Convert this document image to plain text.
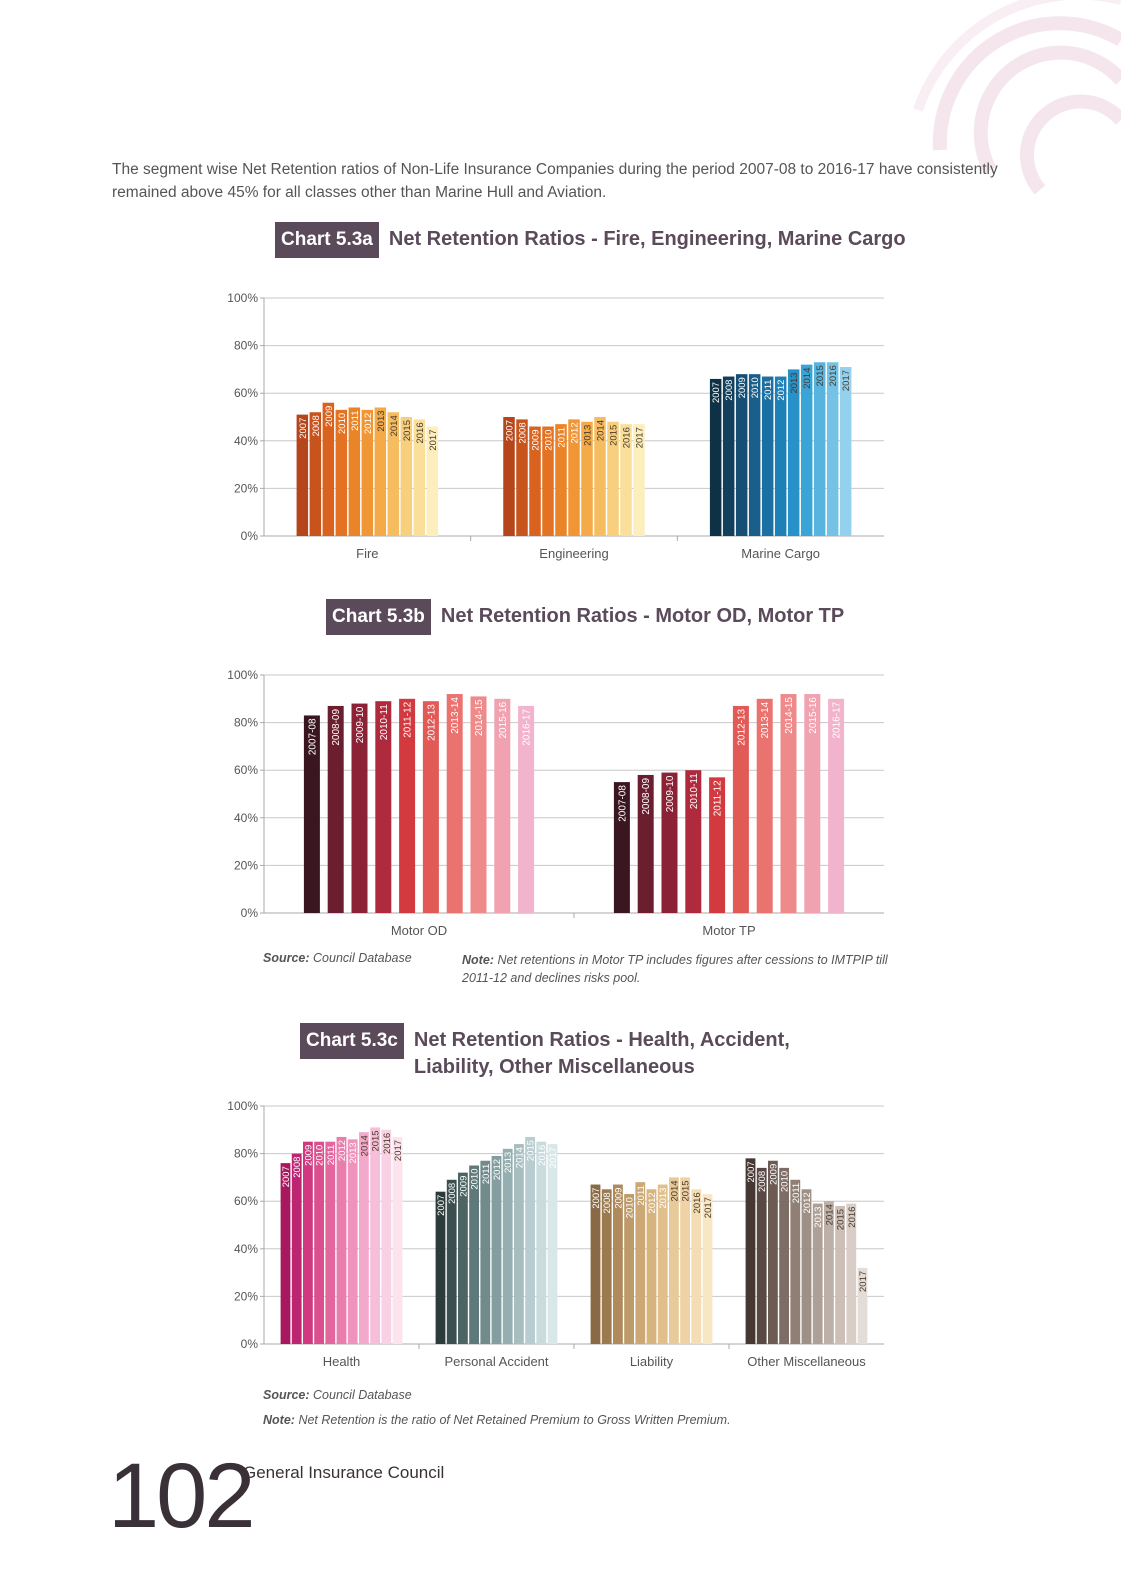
The segment wise Net Retention ratios of Non-Life Insurance Companies during the period 2007-08 to 2016-17 have consistently remained above 45% for all classes other than Marine Hull and Aviation.
Chart 5.3a Net Retention Ratios - Fire, Engineering, Marine Cargo
0%
20%
40%
60%
80%
100%
2007 2008 2009 2010 2011 2012 2013 2014 2015 2016 2017
Fire
2007 2008 2009 2010 2011 2012 2013 2014 2015 2016 2017
Engineering
2007 2008 2009 2010 2011 2012 2013 2014 2015 2016 2017
Marine Cargo
Chart 5.3b Net Retention Ratios - Motor OD, Motor TP
0%
20%
40%
60%
80%
100%
2007-08 2008-09 2009-10 2010-11 2011-12 2012-13 2013-14 2014-15 2015-16 2016-17
Motor OD
2007-08 2008-09 2009-10 2010-11 2011-12
2012-13 2013-14 2014-15 2015-16 2016-17
Motor TP
Source: Council Database	Note: Net retentions in Motor TP includes figures after cessions to IMTPIP till 2011-12 and declines risks pool.
Chart 5.3c Net Retention Ratios - Health, Accident, Liability, Other Miscellaneous
0%
20%
40%
60%
80%
100%
2007 2008
2009 2010 2011 2012 2013 2014 2015 2016 2017
Health
2007
2008 2009 2010 2011 2012 2013 2014 2015 2016 2017
Personal Accident
2007 2008 2009 2010
2011 2012 2013 2014 2015
2016 2017
Liability
2007 2008 2009 2010
2011 2012
2013 2014 2015 2016
2017
Other Miscellaneous
Source: Council Database
Note: Net Retention is the ratio of Net Retained Premium to Gross Written Premium.
102
General Insurance Council
